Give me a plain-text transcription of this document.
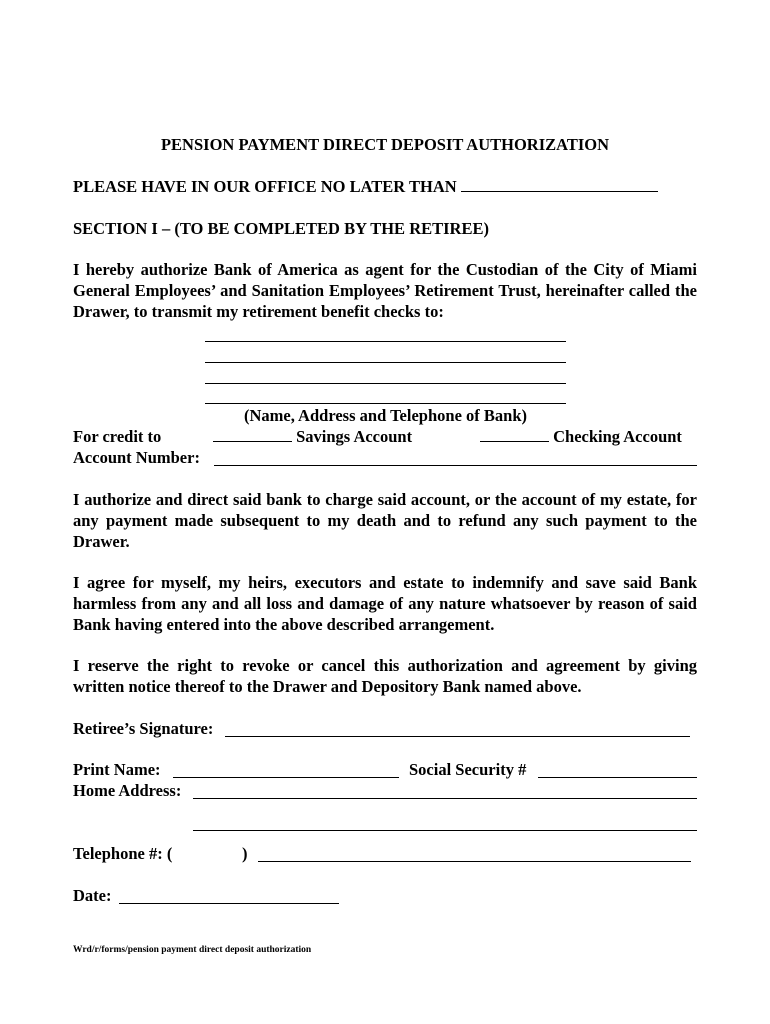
PENSION PAYMENT DIRECT DEPOSIT AUTHORIZATION
PLEASE HAVE IN OUR OFFICE NO LATER THAN
SECTION I – (TO BE COMPLETED BY THE RETIREE)
I hereby authorize Bank of America as agent for the Custodian of the City of Miami General Employees’ and Sanitation Employees’ Retirement Trust, hereinafter called the Drawer, to transmit my retirement benefit checks to:
(Name, Address and Telephone of Bank)
For credit to	Savings Account	Checking Account
Account Number:
I authorize and direct said bank to charge said account, or the account of my estate, for any payment made subsequent to my death and to refund any such payment to the Drawer.
I agree for myself, my heirs, executors and estate to indemnify and save said Bank harmless from any and all loss and damage of any nature whatsoever by reason of said Bank having entered into the above described arrangement.
I reserve the right to revoke or cancel this authorization and agreement by giving written notice thereof to the Drawer and Depository Bank named above.
Retiree’s Signature:
Print Name:	Social Security #
Home Address:
Telephone #: (	)
Date:
Wrd/r/forms/pension payment direct deposit authorization
